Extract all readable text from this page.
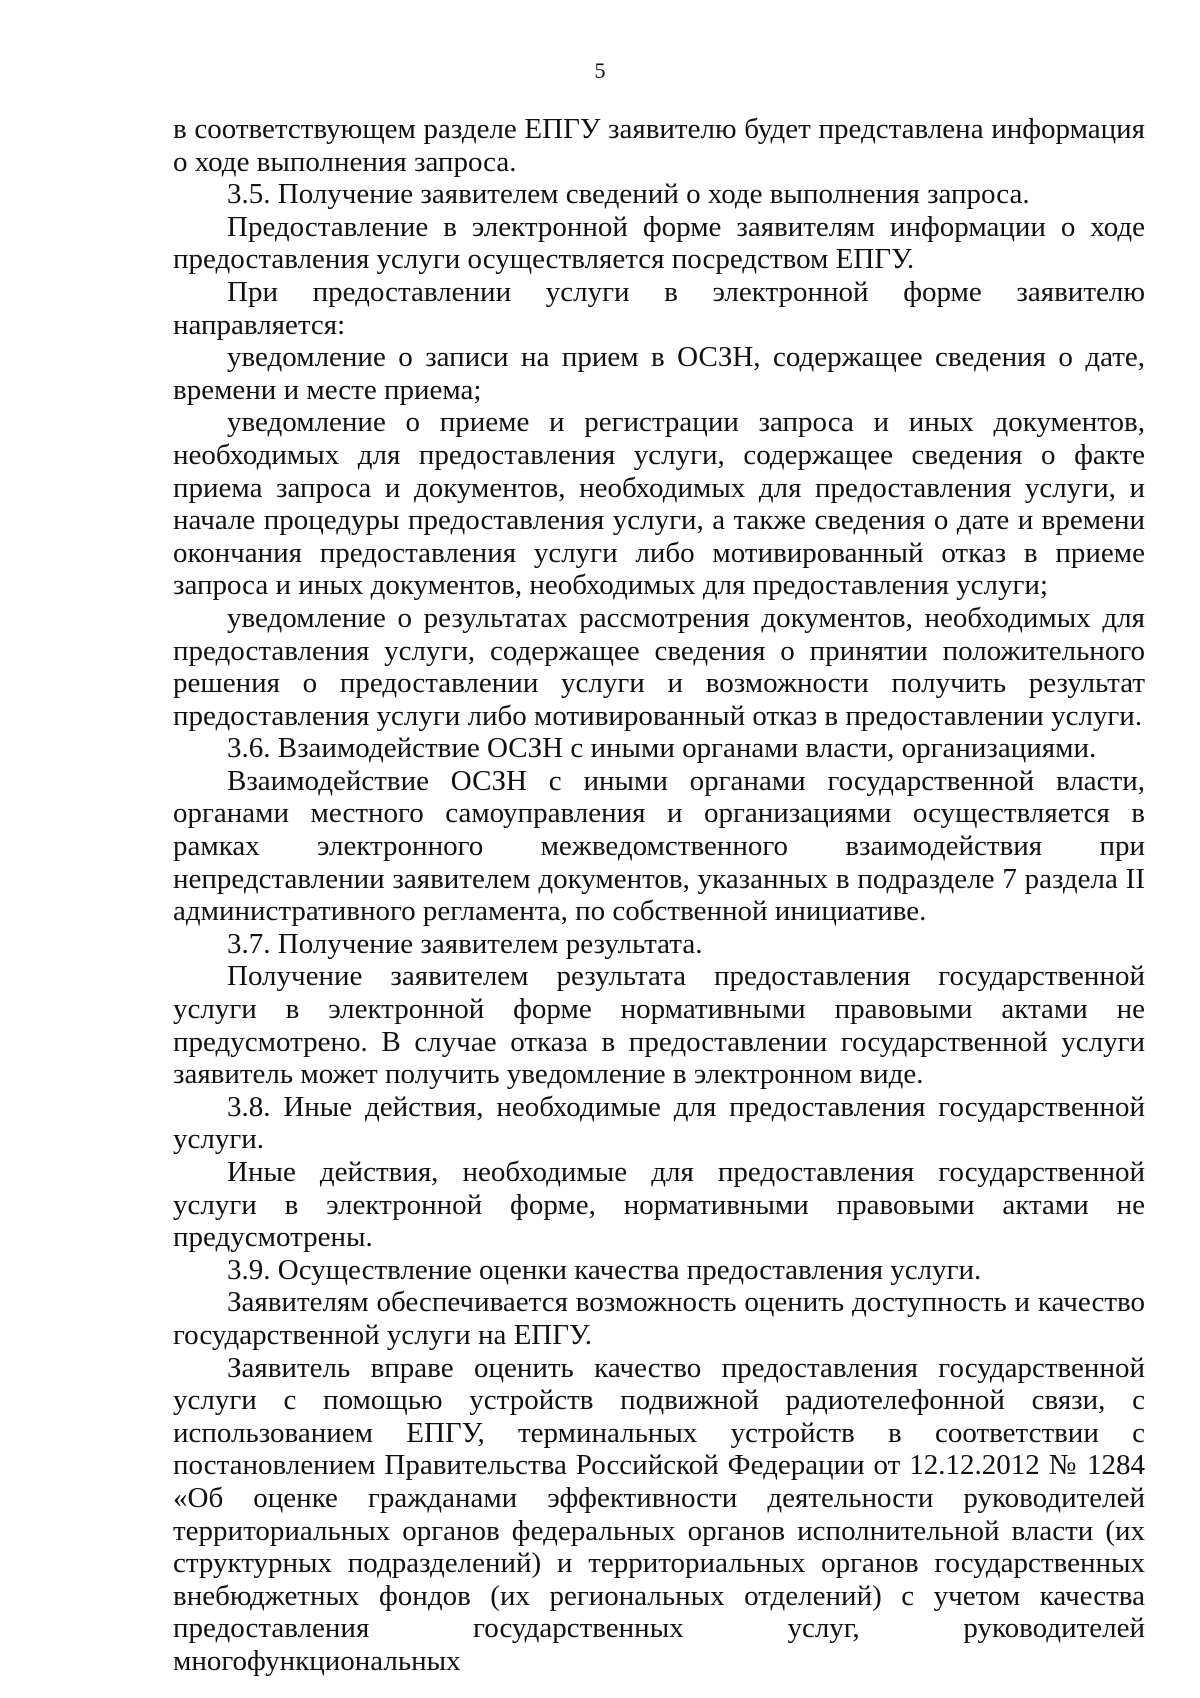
5

в соответствующем разделе ЕПГУ заявителю будет представлена информация о ходе выполнения запроса.

3.5. Получение заявителем сведений о ходе выполнения запроса.

Предоставление в электронной форме заявителям информации о ходе предоставления услуги осуществляется посредством ЕПГУ.

При предоставлении услуги в электронной форме заявителю направляется:

уведомление о записи на прием в ОСЗН, содержащее сведения о дате, времени и месте приема;

уведомление о приеме и регистрации запроса и иных документов, необходимых для предоставления услуги, содержащее сведения о факте приема запроса и документов, необходимых для предоставления услуги, и начале процедуры предоставления услуги, а также сведения о дате и времени окончания предоставления услуги либо мотивированный отказ в приеме запроса и иных документов, необходимых для предоставления услуги;

уведомление о результатах рассмотрения документов, необходимых для предоставления услуги, содержащее сведения о принятии положительного решения о предоставлении услуги и возможности получить результат предоставления услуги либо мотивированный отказ в предоставлении услуги.

3.6. Взаимодействие ОСЗН с иными органами власти, организациями.

Взаимодействие ОСЗН с иными органами государственной власти, органами местного самоуправления и организациями осуществляется в рамках электронного межведомственного взаимодействия при непредставлении заявителем документов, указанных в подразделе 7 раздела II административного регламента, по собственной инициативе.

3.7. Получение заявителем результата.

Получение заявителем результата предоставления государственной услуги в электронной форме нормативными правовыми актами не предусмотрено. В случае отказа в предоставлении государственной услуги заявитель может получить уведомление в электронном виде.

3.8. Иные действия, необходимые для предоставления государственной услуги.

Иные действия, необходимые для предоставления государственной услуги в электронной форме, нормативными правовыми актами не предусмотрены.

3.9. Осуществление оценки качества предоставления услуги.

Заявителям обеспечивается возможность оценить доступность и качество государственной услуги на ЕПГУ.

Заявитель вправе оценить качество предоставления государственной услуги с помощью устройств подвижной радиотелефонной связи, с использованием ЕПГУ, терминальных устройств в соответствии с постановлением Правительства Российской Федерации от 12.12.2012 № 1284 «Об оценке гражданами эффективности деятельности руководителей территориальных органов федеральных органов исполнительной власти (их структурных подразделений) и территориальных органов государственных внебюджетных фондов (их региональных отделений) с учетом качества предоставления государственных услуг, руководителей многофункциональных
